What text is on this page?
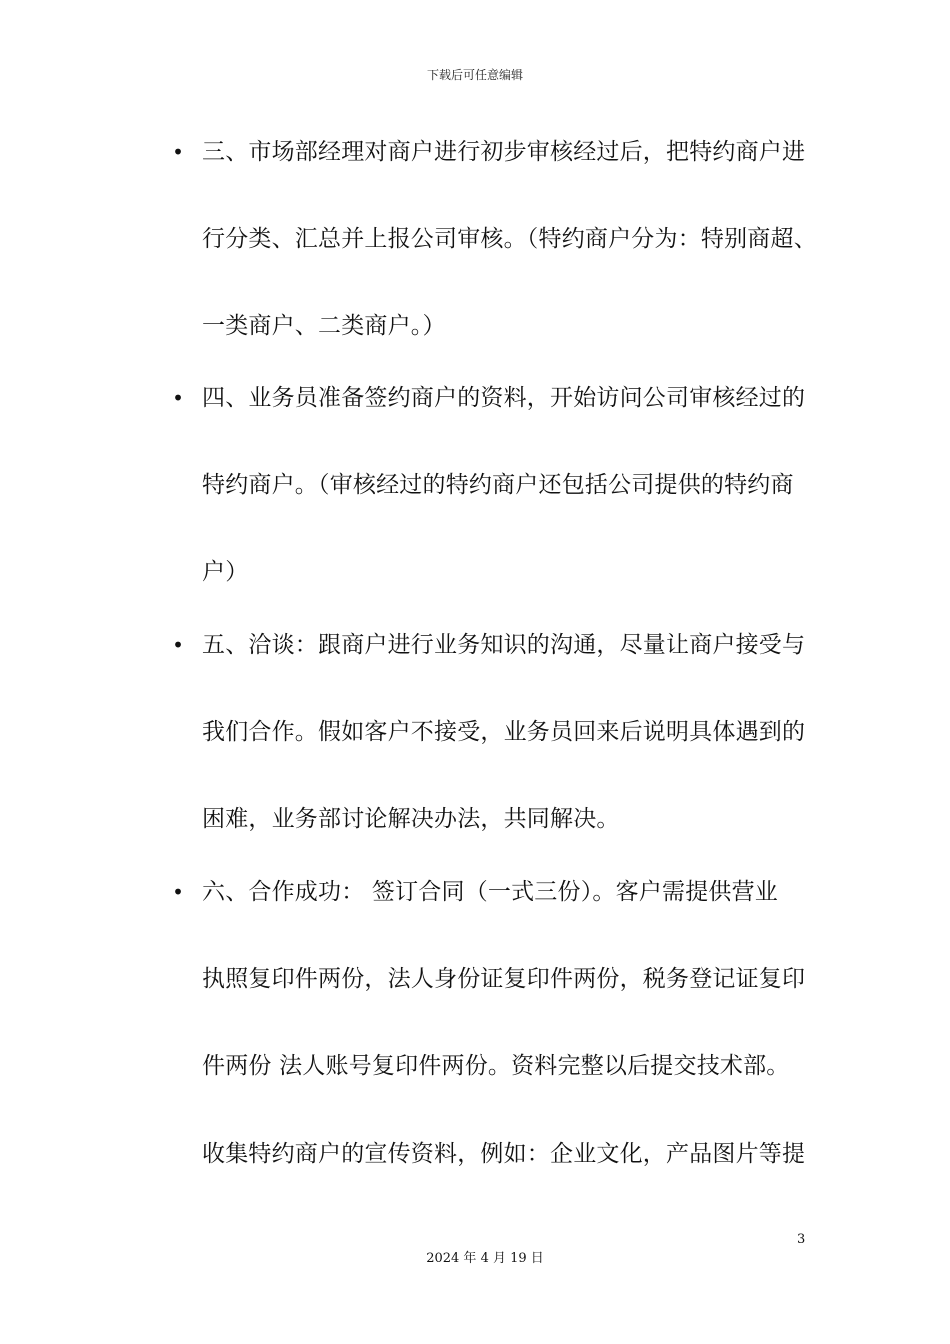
下载后可任意编辑
• 三、市场部经理对商户进行初步审核经过后，把特约商户进
行分类、汇总并上报公司审核。（特约商户分为：特别商超、
一类商户、二类商户。）
• 四、业务员准备签约商户的资料，开始访问公司审核经过的
特约商户。（审核经过的特约商户还包括公司提供的特约商
户）
• 五、洽谈：跟商户进行业务知识的沟通，尽量让商户接受与
我们合作。假如客户不接受，业务员回来后说明具体遇到的
困难，业务部讨论解决办法，共同解决。
• 六、合作成功： 签订合同（一式三份）。客户需提供营业
执照复印件两份，法人身份证复印件两份，税务登记证复印
件两份 法人账号复印件两份。资料完整以后提交技术部。
收集特约商户的宣传资料，例如：企业文化，产品图片等提
3
2024 年 4 月 19 日
